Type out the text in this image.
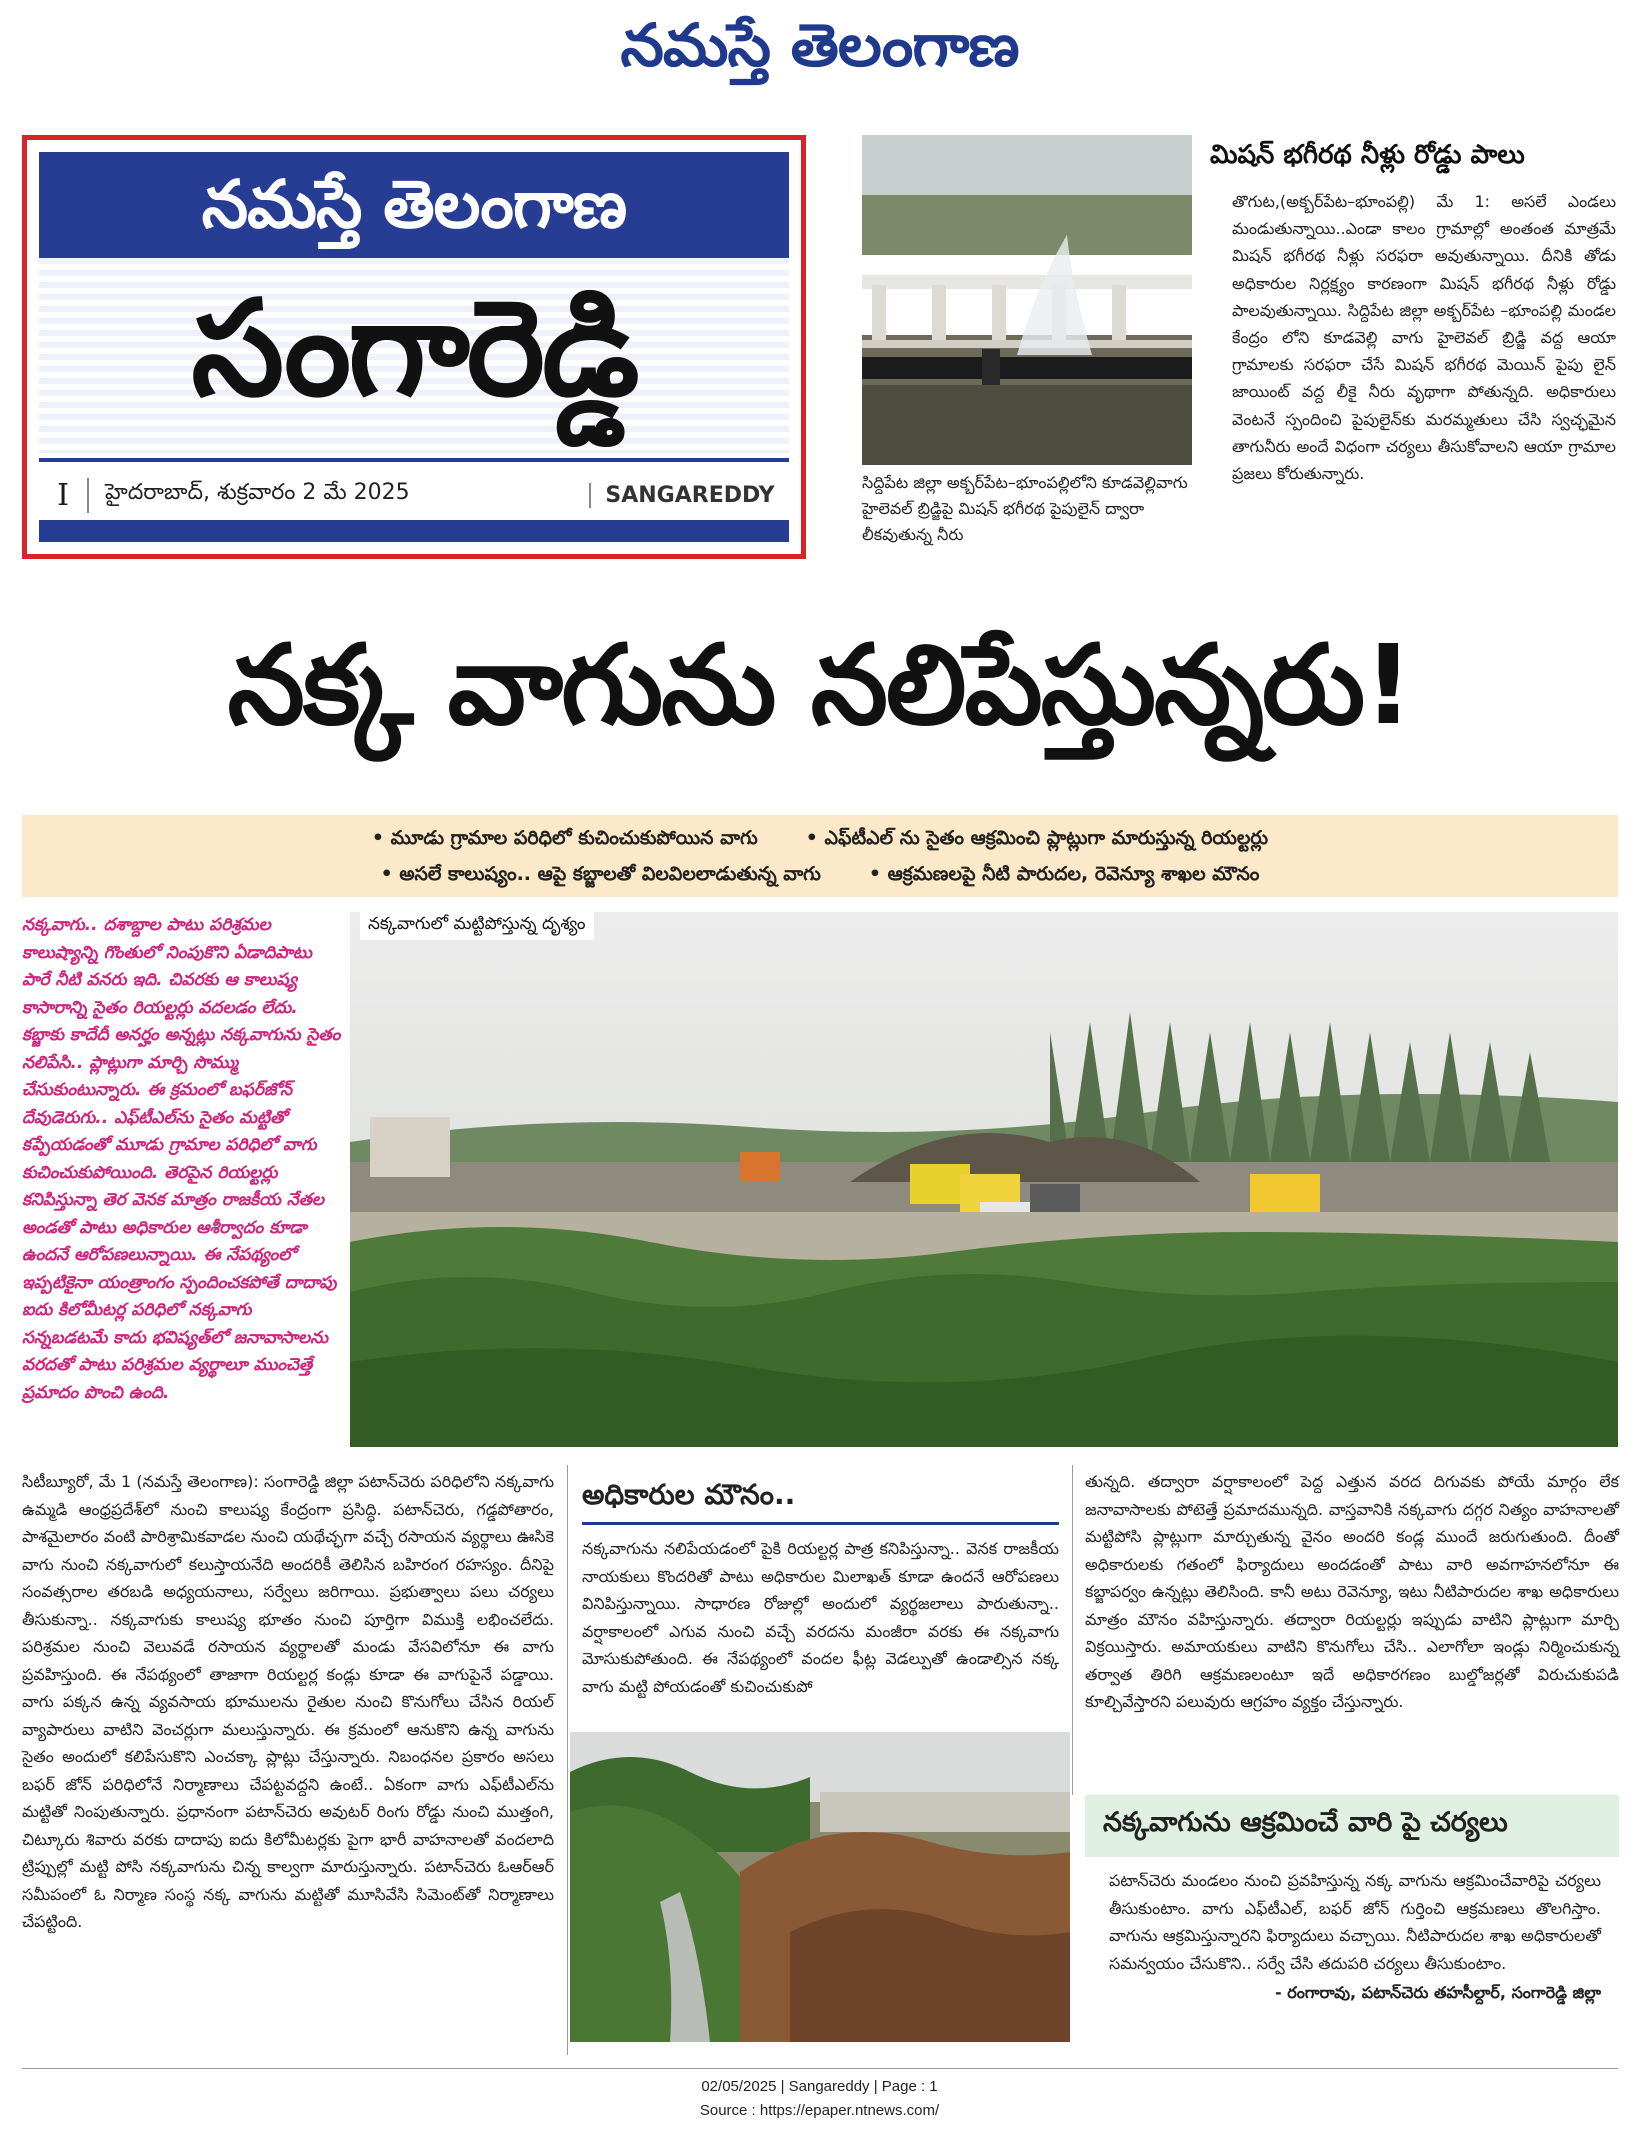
నమస్తే తెలంగాణ
నమస్తే తెలంగాణ
సంగారెడ్డి
I	హైదరాబాద్, శుక్రవారం 2 మే 2025	SANGAREDDY	సిద్దిపేట జిల్లా అక్బర్‌పేట–భూంపల్లిలోని కూడవెల్లివాగు హైలెవల్ బ్రిడ్జిపై మిషన్ భగీరథ పైపులైన్ ద్వారా లీకవుతున్న నీరు
మిషన్ భగీరథ నీళ్లు రోడ్డు పాలు
తొగుట,(అక్బర్‌పేట–భూంపల్లి) మే 1: అసలే ఎండలు మండుతున్నాయి..ఎండా కాలం గ్రామాల్లో అంతంత మాత్రమే మిషన్ భగీరథ నీళ్లు సరఫరా అవుతున్నాయి. దీనికి తోడు అధికారుల నిర్లక్ష్యం కారణంగా మిషన్ భగీరథ నీళ్లు రోడ్డు పాలవుతున్నాయి. సిద్దిపేట జిల్లా అక్బర్‌పేట –భూంపల్లి మండల కేంద్రం లోని కూడవెల్లి వాగు హైలెవల్ బ్రిడ్జి వద్ద ఆయా గ్రామాలకు సరఫరా చేసే మిషన్ భగీరథ మెయిన్ పైపు లైన్ జాయింట్ వద్ద లీకై నీరు వృథాగా పోతున్నది. అధికారులు వెంటనే స్పందించి పైపులైన్‌కు మరమ్మతులు చేసి స్వచ్ఛమైన తాగునీరు అందే విధంగా చర్యలు తీసుకోవాలని ఆయా గ్రామాల ప్రజలు కోరుతున్నారు.
నక్క వాగును నలిపేస్తున్నరు!
• మూడు గ్రామాల పరిధిలో కుచించుకుపోయిన వాగు	• ఎఫ్‌టీఎల్ ను సైతం ఆక్రమించి ప్లాట్లుగా మారుస్తున్న రియల్టర్లు
• అసలే కాలుష్యం.. ఆపై కబ్జాలతో విలవిలలాడుతున్న వాగు	• ఆక్రమణలపై నీటి పారుదల, రెవెన్యూ శాఖల మౌనం
నక్కవాగు.. దశాబ్దాల పాటు పరిశ్రమల కాలుష్యాన్ని గొంతులో నింపుకొని ఏడాదిపాటు పారే నీటి వనరు ఇది. చివరకు ఆ కాలుష్య కాసారాన్ని సైతం రియల్టర్లు వదలడం లేదు. కబ్జాకు కాదేదీ అనర్హం అన్నట్లు నక్కవాగును సైతం నలిపేసి.. ప్లాట్లుగా మార్చి సొమ్ము చేసుకుంటున్నారు. ఈ క్రమంలో బఫర్‌జోన్ దేవుడెరుగు.. ఎఫ్‌టీఎల్‌ను సైతం మట్టితో కప్పేయడంతో మూడు గ్రామాల పరిధిలో వాగు కుచించుకుపోయింది. తెరపైన రియల్టర్లు కనిపిస్తున్నా తెర వెనక మాత్రం రాజకీయ నేతల అండతో పాటు అధికారుల ఆశీర్వాదం కూడా ఉందనే ఆరోపణలున్నాయి. ఈ నేపథ్యంలో ఇప్పటికైనా యంత్రాంగం స్పందించకపోతే దాదాపు ఐదు కిలోమీటర్ల పరిధిలో నక్కవాగు సన్నబడటమే కాదు భవిష్యత్‌లో జనావాసాలను వరదతో పాటు పరిశ్రమల వ్యర్థాలూ ముంచెత్తే ప్రమాదం పొంచి ఉంది.
నక్కవాగులో మట్టిపోస్తున్న దృశ్యం
సిటీబ్యూరో, మే 1 (నమస్తే తెలంగాణ): సంగారెడ్డి జిల్లా పటాన్‌చెరు పరిధిలోని నక్కవాగు ఉమ్మడి ఆంధ్రప్రదేశ్‌లో నుంచి కాలుష్య కేంద్రంగా ప్రసిద్ధి. పటాన్‌చెరు, గడ్డపోతారం, పాశమైలారం వంటి పారిశ్రామికవాడల నుంచి యథేచ్ఛగా వచ్చే రసాయన వ్యర్థాలు ఊసికె వాగు నుంచి నక్కవాగులో కలుస్తాయనేది అందరికీ తెలిసిన బహిరంగ రహస్యం. దీనిపై సంవత్సరాల తరబడి అధ్యయనాలు, సర్వేలు జరిగాయి. ప్రభుత్వాలు పలు చర్యలు తీసుకున్నా.. నక్కవాగుకు కాలుష్య భూతం నుంచి పూర్తిగా విముక్తి లభించలేదు. పరిశ్రమల నుంచి వెలువడే రసాయన వ్యర్థాలతో మండు వేసవిలోనూ ఈ వాగు ప్రవహిస్తుంది. ఈ నేపథ్యంలో తాజాగా రియల్టర్ల కండ్లు కూడా ఈ వాగుపైనే పడ్డాయి. వాగు పక్కన ఉన్న వ్యవసాయ భూములను రైతుల నుంచి కొనుగోలు చేసిన రియల్ వ్యాపారులు వాటిని వెంచర్లుగా మలుస్తున్నారు. ఈ క్రమంలో ఆనుకొని ఉన్న వాగును సైతం అందులో కలిపేసుకొని ఎంచక్కా ప్లాట్లు చేస్తున్నారు. నిబంధనల ప్రకారం అసలు బఫర్ జోన్ పరిధిలోనే నిర్మాణాలు చేపట్టవద్దని ఉంటే.. ఏకంగా వాగు ఎఫ్‌టీఎల్‌ను మట్టితో నింపుతున్నారు. ప్రధానంగా పటాన్‌చెరు అవుటర్ రింగు రోడ్డు నుంచి ముత్తంగి, చిట్కూరు శివారు వరకు దాదాపు ఐదు కిలోమీటర్లకు పైగా భారీ వాహనాలతో వందలాది ట్రిప్పుల్లో మట్టి పోసి నక్కవాగును చిన్న కాల్వగా మారుస్తున్నారు. పటాన్‌చెరు ఓఆర్‌ఆర్ సమీపంలో ఓ నిర్మాణ సంస్థ నక్క వాగును మట్టితో మూసివేసి సిమెంట్‌తో నిర్మాణాలు చేపట్టింది.
అధికారుల మౌనం..
నక్కవాగును నలిపేయడంలో పైకి రియల్టర్ల పాత్ర కనిపిస్తున్నా.. వెనక రాజకీయ నాయకులు కొందరితో పాటు అధికారుల మిలాఖత్ కూడా ఉందనే ఆరోపణలు వినిపిస్తున్నాయి. సాధారణ రోజుల్లో అందులో వ్యర్థజలాలు పారుతున్నా.. వర్షాకాలంలో ఎగువ నుంచి వచ్చే వరదను మంజీరా వరకు ఈ నక్కవాగు మోసుకుపోతుంది. ఈ నేపథ్యంలో వందల ఫీట్ల వెడల్పుతో ఉండాల్సిన నక్క వాగు మట్టి పోయడంతో కుచించుకుపో
తున్నది. తద్వారా వర్షాకాలంలో పెద్ద ఎత్తున వరద దిగువకు పోయే మార్గం లేక జనావాసాలకు పోటెత్తే ప్రమాదమున్నది. వాస్తవానికి నక్కవాగు దగ్గర నిత్యం వాహనాలతో మట్టిపోసి ప్లాట్లుగా మార్చుతున్న వైనం అందరి కండ్ల ముందే జరుగుతుంది. దీంతో అధికారులకు గతంలో ఫిర్యాదులు అందడంతో పాటు వారి అవగాహనలోనూ ఈ కబ్జాపర్వం ఉన్నట్లు తెలిసింది. కానీ అటు రెవెన్యూ, ఇటు నీటిపారుదల శాఖ అధికారులు మాత్రం మౌనం వహిస్తున్నారు. తద్వారా రియల్టర్లు ఇప్పుడు వాటిని ప్లాట్లుగా మార్చి విక్రయిస్తారు. అమాయకులు వాటిని కొనుగోలు చేసి.. ఎలాగోలా ఇండ్లు నిర్మించుకున్న తర్వాత తిరిగి ఆక్రమణలంటూ ఇదే అధికారగణం బుల్డోజర్లతో విరుచుకుపడి కూల్చివేస్తారని పలువురు ఆగ్రహం వ్యక్తం చేస్తున్నారు.
నక్కవాగును ఆక్రమించే వారి పై చర్యలు
పటాన్‌చెరు మండలం నుంచి ప్రవహిస్తున్న నక్క వాగును ఆక్రమించేవారిపై చర్యలు తీసుకుంటాం. వాగు ఎఫ్‌టీఎల్, బఫర్ జోన్ గుర్తించి ఆక్రమణలు తొలగిస్తాం. వాగును ఆక్రమిస్తున్నారని ఫిర్యాదులు వచ్చాయి. నీటిపారుదల శాఖ అధికారులతో సమన్వయం చేసుకొని.. సర్వే చేసి తదుపరి చర్యలు తీసుకుంటాం.
- రంగారావు, పటాన్‌చెరు తహసీల్దార్, సంగారెడ్డి జిల్లా
02/05/2025 | Sangareddy | Page : 1
Source : https://epaper.ntnews.com/
